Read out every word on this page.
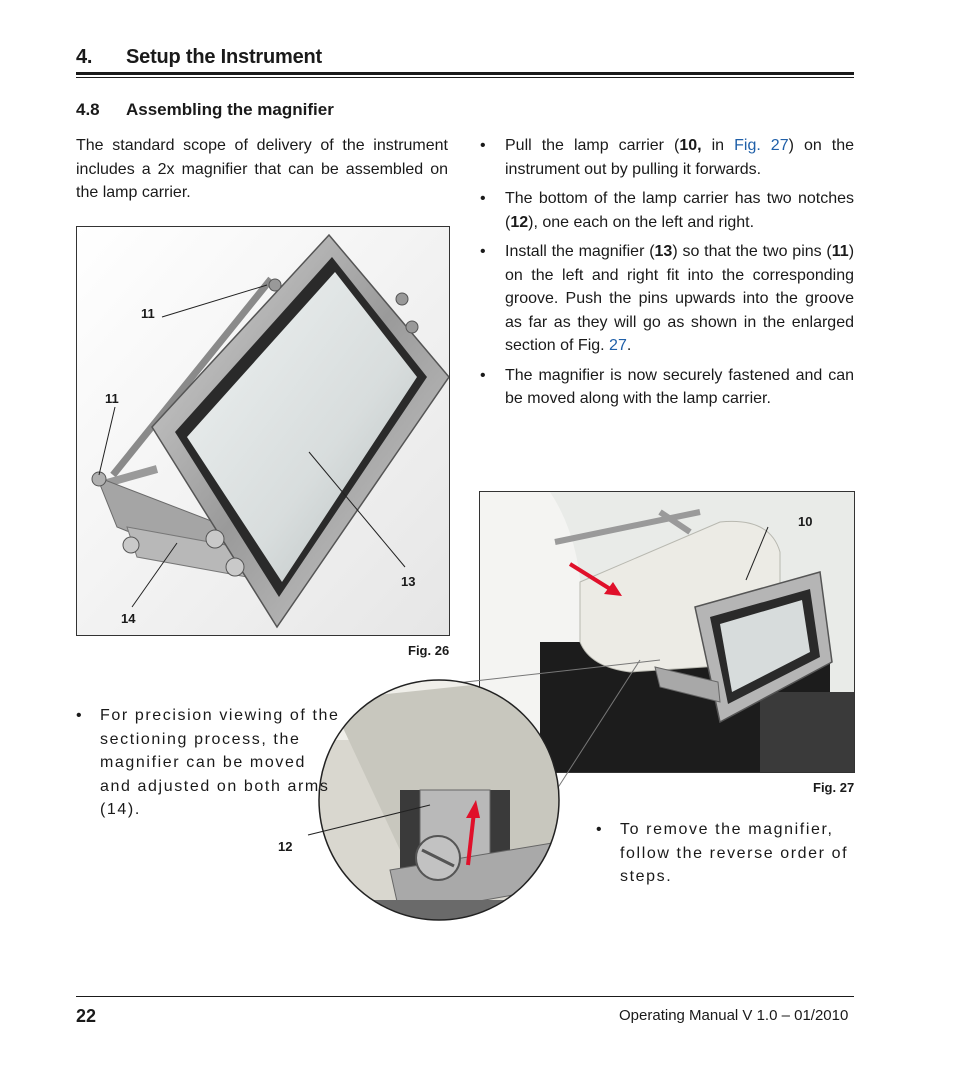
4. Setup the Instrument
4.8 Assembling the magnifier
The standard scope of delivery of the instrument includes a 2x magnifier that can be assembled on the lamp carrier.
• Pull the lamp carrier (10, in Fig. 27) on the instrument out by pulling it forwards.
• The bottom of the lamp carrier has two notches (12), one each on the left and right.
• Install the magnifier (13) so that the two pins (11) on the left and right fit into the corresponding groove. Push the pins upwards into the groove as far as they will go as shown in the enlarged section of Fig. 27.
• The magnifier is now securely fastened and can be moved along with the lamp carrier.
11
11
13
14
Fig. 26
10
Fig. 27
12
• For precision viewing of the sectioning process, the magnifier can be moved and adjusted on both arms (14).
• To remove the magnifier, follow the reverse order of steps.
22	Operating Manual V 1.0 – 01/2010
